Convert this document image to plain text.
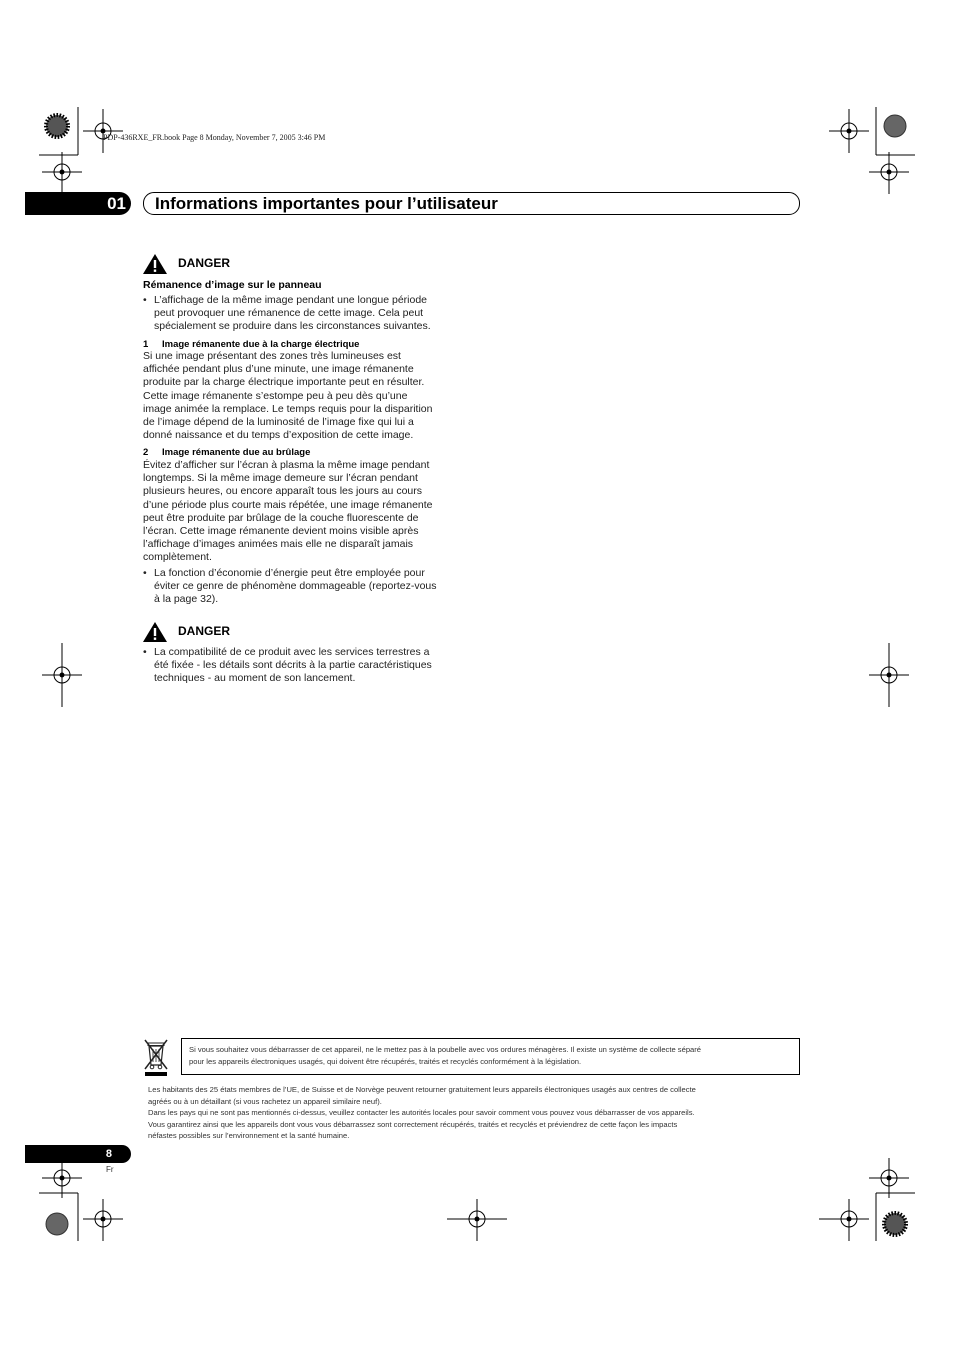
PDP-436RXE_FR.book Page 8 Monday, November 7, 2005 3:46 PM
01 Informations importantes pour l’utilisateur
DANGER
Rémanence d’image sur le panneau
• L’affichage de la même image pendant une longue période
peut provoquer une rémanence de cette image. Cela peut
spécialement se produire dans les circonstances suivantes.
1 Image rémanente due à la charge électrique
Si une image présentant des zones très lumineuses est
affichée pendant plus d’une minute, une image rémanente
produite par la charge électrique importante peut en résulter.
Cette image rémanente s’estompe peu à peu dès qu’une
image animée la remplace. Le temps requis pour la disparition
de l’image dépend de la luminosité de l’image fixe qui lui a
donné naissance et du temps d’exposition de cette image.
2 Image rémanente due au brûlage
Évitez d’afficher sur l’écran à plasma la même image pendant
longtemps. Si la même image demeure sur l’écran pendant
plusieurs heures, ou encore apparaît tous les jours au cours
d’une période plus courte mais répétée, une image rémanente
peut être produite par brûlage de la couche fluorescente de
l’écran. Cette image rémanente devient moins visible après
l’affichage d’images animées mais elle ne disparaît jamais
complètement.
• La fonction d’économie d’énergie peut être employée pour
éviter ce genre de phénomène dommageable (reportez-vous
à la page 32).
DANGER
• La compatibilité de ce produit avec les services terrestres a
été fixée - les détails sont décrits à la partie caractéristiques
techniques - au moment de son lancement.
Si vous souhaitez vous débarrasser de cet appareil, ne le mettez pas à la poubelle avec vos ordures ménagères. Il existe un système de collecte séparé
pour les appareils électroniques usagés, qui doivent être récupérés, traités et recyclés conformément à la législation.
Les habitants des 25 états membres de l’UE, de Suisse et de Norvège peuvent retourner gratuitement leurs appareils électroniques usagés aux centres de collecte
agréés ou à un détaillant (si vous rachetez un appareil similaire neuf).
Dans les pays qui ne sont pas mentionnés ci-dessus, veuillez contacter les autorités locales pour savoir comment vous pouvez vous débarrasser de vos appareils.
Vous garantirez ainsi que les appareils dont vous vous débarrassez sont correctement récupérés, traités et recyclés et préviendrez de cette façon les impacts
néfastes possibles sur l’environnement et la santé humaine.
8
Fr
